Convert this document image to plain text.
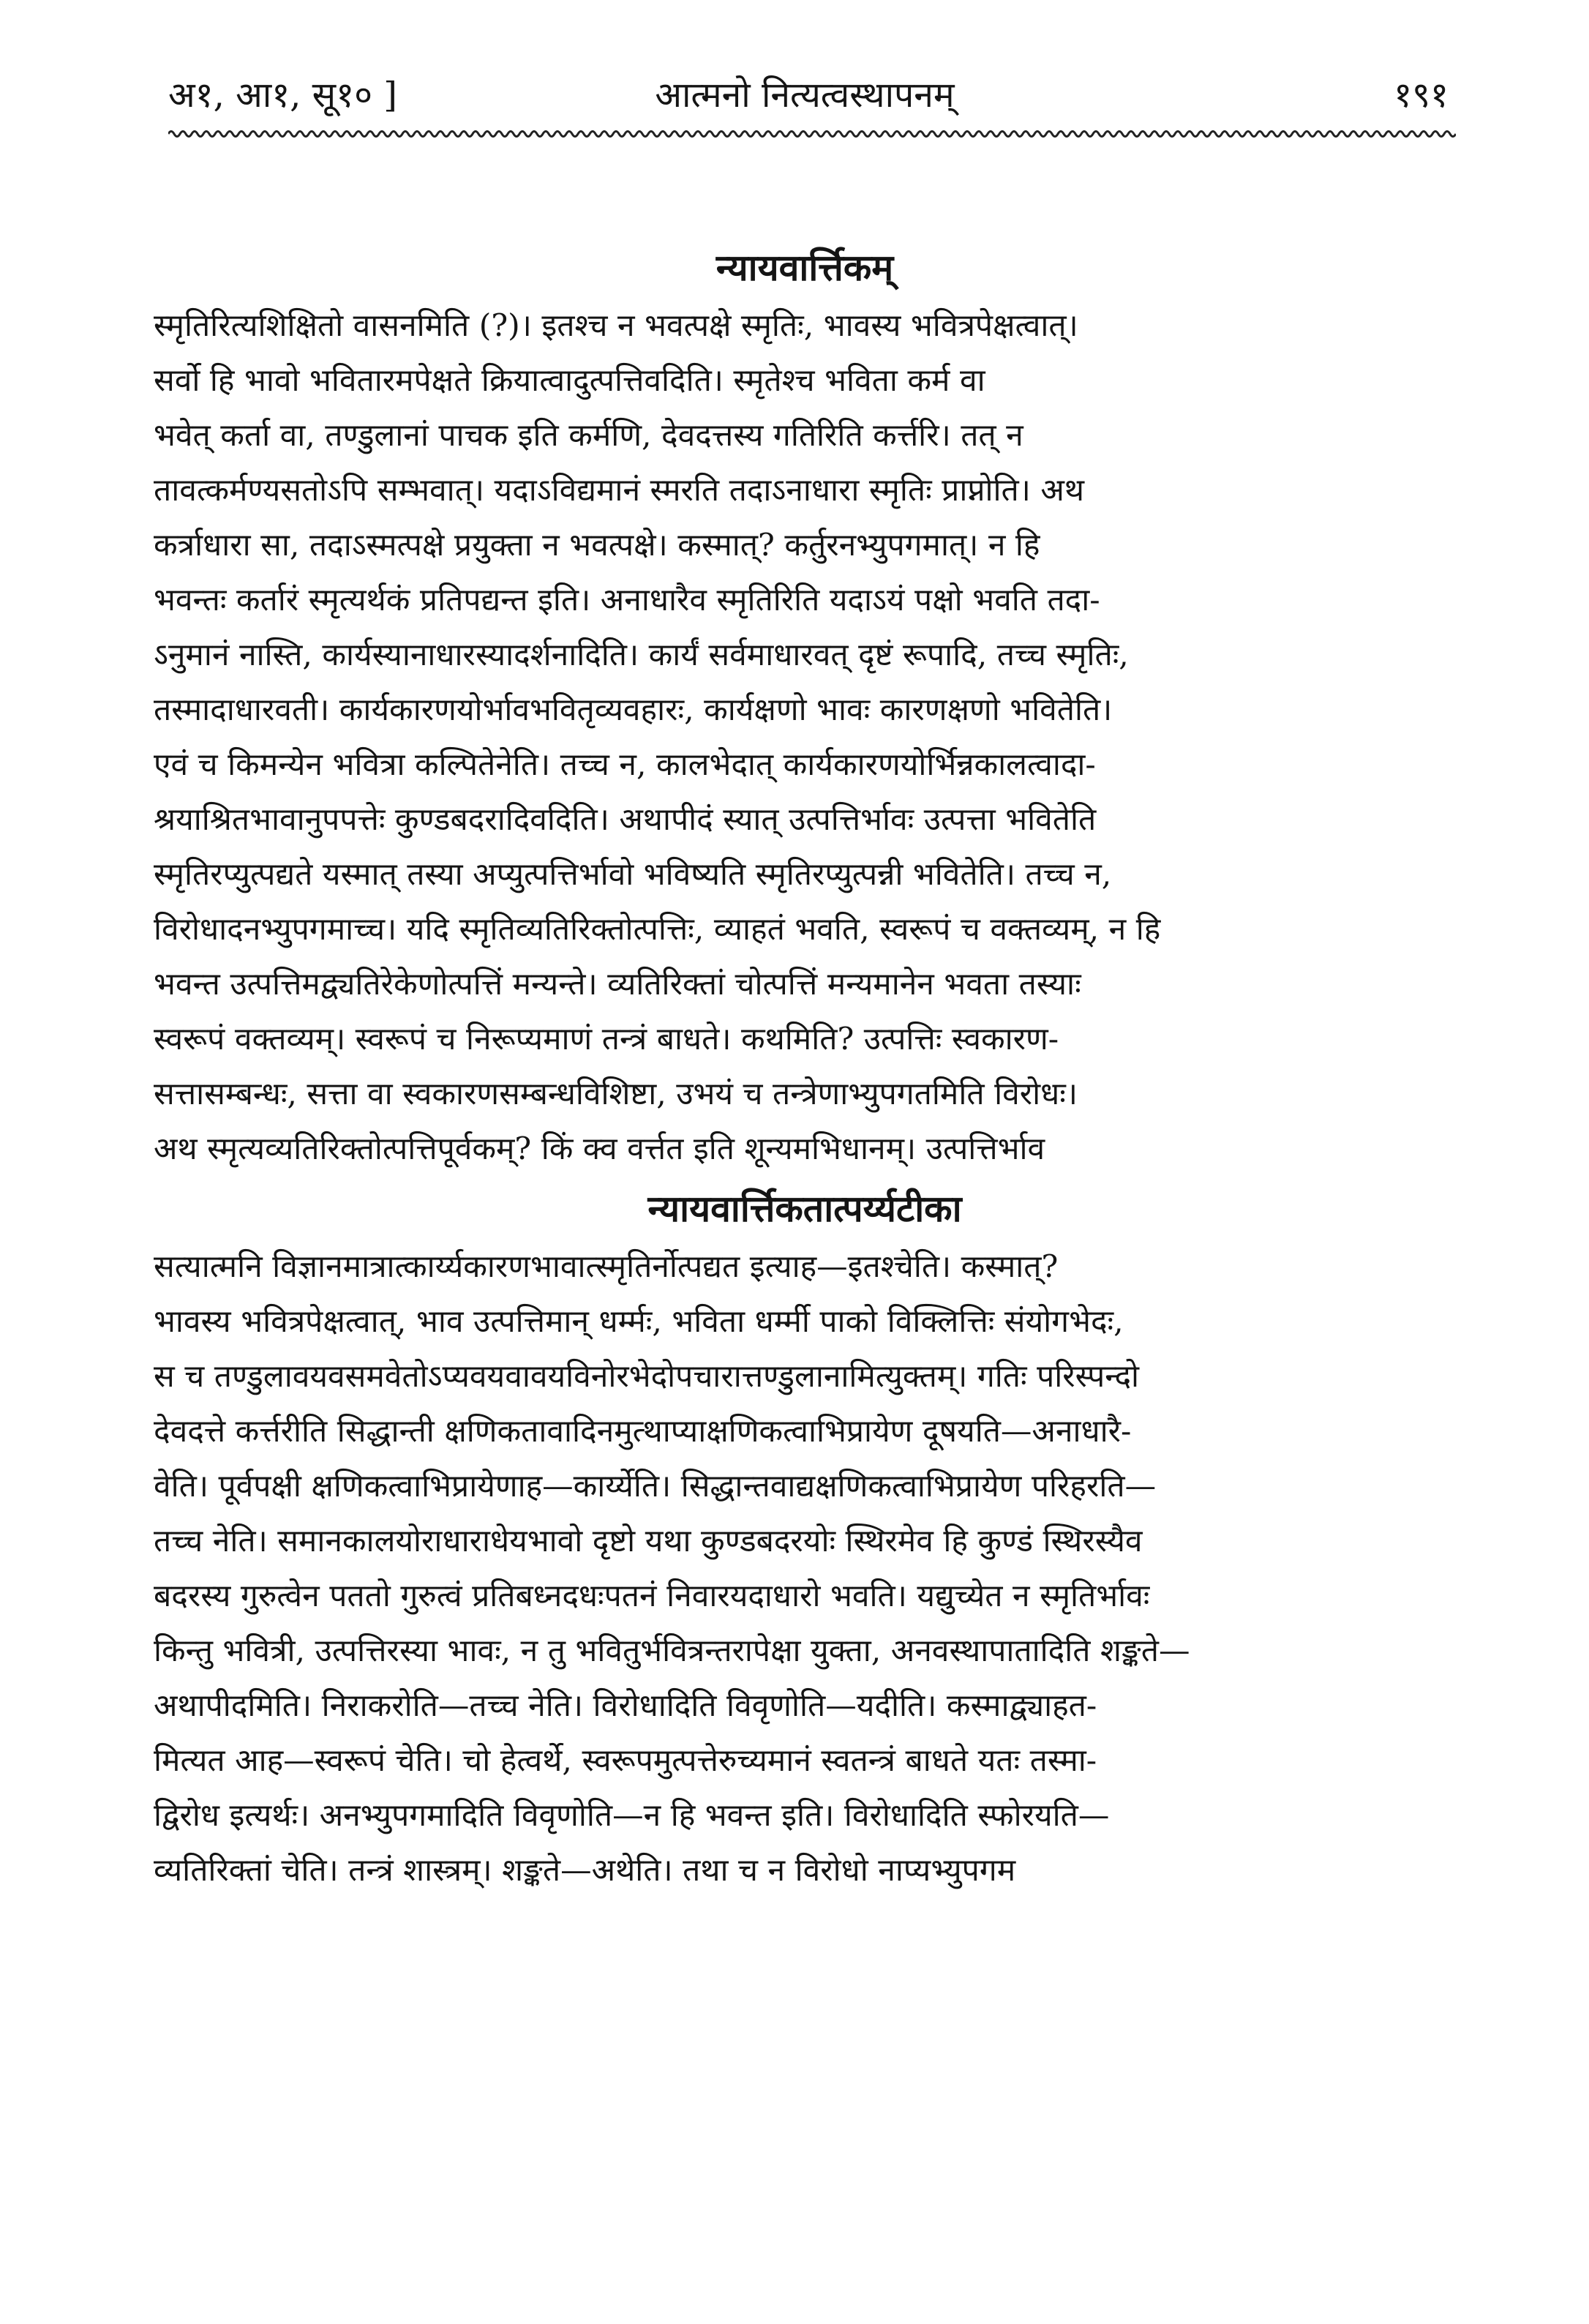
अ१, आ१, सू१० ]	आत्मनो नित्यत्वस्थापनम्	१९१
न्यायवार्त्तिकम्

स्मृतिरित्यशिक्षितो वासनमिति (?)। इतश्च न भवत्पक्षे स्मृतिः, भावस्य भवित्रपेक्षत्वात्।
सर्वो हि भावो भवितारमपेक्षते क्रियात्वादुत्पत्तिवदिति। स्मृतेश्च भविता कर्म वा
भवेत् कर्ता वा, तण्डुलानां पाचक इति कर्मणि, देवदत्तस्य गतिरिति कर्त्तरि। तत् न
तावत्कर्मण्यसतोऽपि सम्भवात्। यदाऽविद्यमानं स्मरति तदाऽनाधारा स्मृतिः प्राप्नोति। अथ
कर्त्राधारा सा, तदाऽस्मत्पक्षे प्रयुक्ता न भवत्पक्षे। कस्मात्? कर्तुरनभ्युपगमात्। न हि
भवन्तः कर्तारं स्मृत्यर्थकं प्रतिपद्यन्त इति। अनाधारैव स्मृतिरिति यदाऽयं पक्षो भवति तदा-
ऽनुमानं नास्ति, कार्यस्यानाधारस्यादर्शनादिति। कार्यं सर्वमाधारवत् दृष्टं रूपादि, तच्च स्मृतिः,
तस्मादाधारवती। कार्यकारणयोर्भावभवितृव्यवहारः, कार्यक्षणो भावः कारणक्षणो भवितेति।
एवं च किमन्येन भवित्रा कल्पितेनेति। तच्च न, कालभेदात् कार्यकारणयोर्भिन्नकालत्वादा-
श्रयाश्रितभावानुपपत्तेः कुण्डबदरादिवदिति। अथापीदं स्यात् उत्पत्तिर्भावः उत्पत्ता भवितेति
स्मृतिरप्युत्पद्यते यस्मात् तस्या अप्युत्पत्तिर्भावो भविष्यति स्मृतिरप्युत्पन्नी भवितेति। तच्च न,
विरोधादनभ्युपगमाच्च। यदि स्मृतिव्यतिरिक्तोत्पत्तिः, व्याहतं भवति, स्वरूपं च वक्तव्यम्, न हि
भवन्त उत्पत्तिमद्व्यतिरेकेणोत्पत्तिं मन्यन्ते। व्यतिरिक्तां चोत्पत्तिं मन्यमानेन भवता तस्याः
स्वरूपं वक्तव्यम्। स्वरूपं च निरूप्यमाणं तन्त्रं बाधते। कथमिति? उत्पत्तिः स्वकारण-
सत्तासम्बन्धः, सत्ता वा स्वकारणसम्बन्धविशिष्टा, उभयं च तन्त्रेणाभ्युपगतमिति विरोधः।
अथ स्मृत्यव्यतिरिक्तोत्पत्तिपूर्वकम्? किं क्व वर्त्तत इति शून्यमभिधानम्। उत्पत्तिर्भाव

न्यायवार्त्तिकतात्पर्य्यटीका

सत्यात्मनि विज्ञानमात्रात्कार्य्यकारणभावात्स्मृतिर्नोत्पद्यत इत्याह—इतश्चेति। कस्मात्?
भावस्य भवित्रपेक्षत्वात्, भाव उत्पत्तिमान् धर्म्मः, भविता धर्म्मी पाको विक्लित्तिः संयोगभेदः,
स च तण्डुलावयवसमवेतोऽप्यवयवावयविनोरभेदोपचारात्तण्डुलानामित्युक्तम्। गतिः परिस्पन्दो
देवदत्ते कर्त्तरीति सिद्धान्ती क्षणिकतावादिनमुत्थाप्याक्षणिकत्वाभिप्रायेण दूषयति—अनाधारै-
वेति। पूर्वपक्षी क्षणिकत्वाभिप्रायेणाह—कार्य्येति। सिद्धान्तवाद्यक्षणिकत्वाभिप्रायेण परिहरति—
तच्च नेति। समानकालयोराधाराधेयभावो दृष्टो यथा कुण्डबदरयोः स्थिरमेव हि कुण्डं स्थिरस्यैव
बदरस्य गुरुत्वेन पततो गुरुत्वं प्रतिबध्नदधःपतनं निवारयदाधारो भवति। यद्युच्येत न स्मृतिर्भावः
किन्तु भवित्री, उत्पत्तिरस्या भावः, न तु भवितुर्भवित्रन्तरापेक्षा युक्ता, अनवस्थापातादिति शङ्कते—
अथापीदमिति। निराकरोति—तच्च नेति। विरोधादिति विवृणोति—यदीति। कस्माद्व्याहत-
मित्यत आह—स्वरूपं चेति। चो हेत्वर्थे, स्वरूपमुत्पत्तेरुच्यमानं स्वतन्त्रं बाधते यतः तस्मा-
द्विरोध इत्यर्थः। अनभ्युपगमादिति विवृणोति—न हि भवन्त इति। विरोधादिति स्फोरयति—
व्यतिरिक्तां चेति। तन्त्रं शास्त्रम्। शङ्कते—अथेति। तथा च न विरोधो नाप्यभ्युपगम
